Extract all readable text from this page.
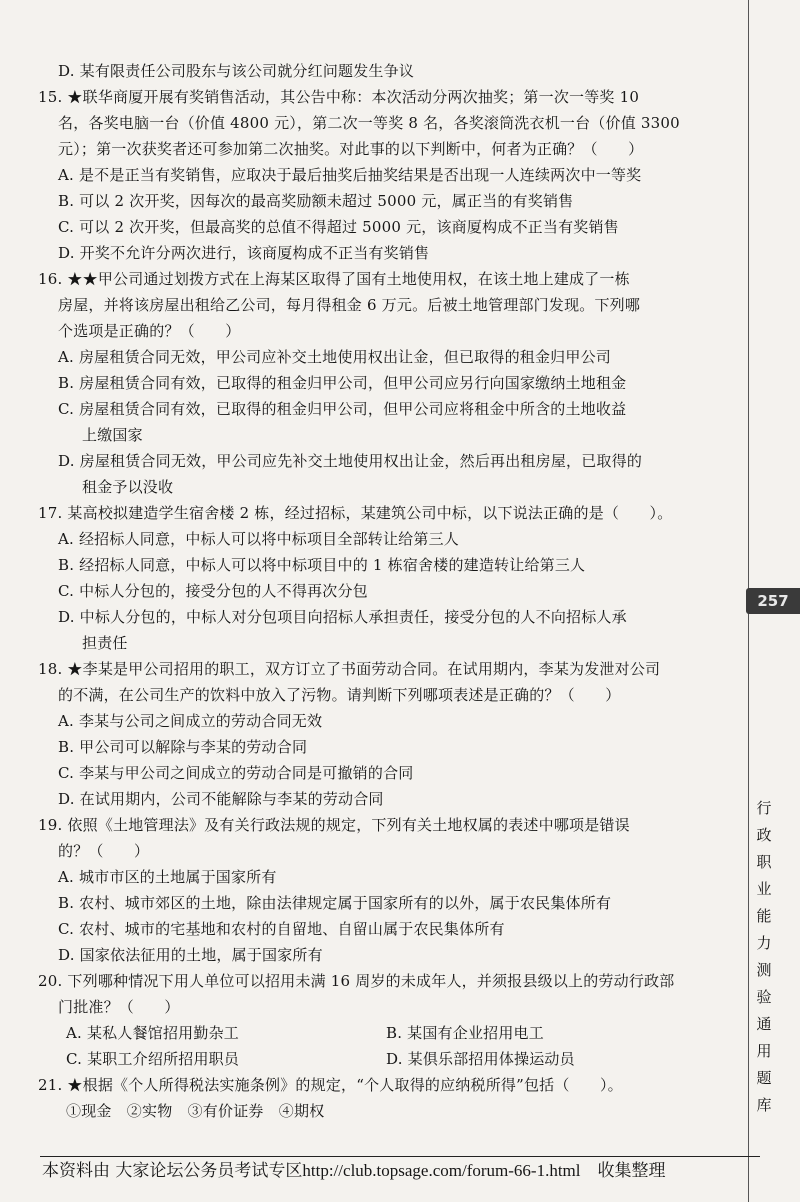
D. 某有限责任公司股东与该公司就分红问题发生争议
15. ★联华商厦开展有奖销售活动，其公告中称：本次活动分两次抽奖；第一次一等奖 10
名，各奖电脑一台（价值 4800 元），第二次一等奖 8 名，各奖滚筒洗衣机一台（价值 3300
元）；第一次获奖者还可参加第二次抽奖。对此事的以下判断中，何者为正确？（　　）
A. 是不是正当有奖销售，应取决于最后抽奖后抽奖结果是否出现一人连续两次中一等奖
B. 可以 2 次开奖，因每次的最高奖励额未超过 5000 元，属正当的有奖销售
C. 可以 2 次开奖，但最高奖的总值不得超过 5000 元，该商厦构成不正当有奖销售
D. 开奖不允许分两次进行，该商厦构成不正当有奖销售
16. ★★甲公司通过划拨方式在上海某区取得了国有土地使用权，在该土地上建成了一栋
房屋，并将该房屋出租给乙公司，每月得租金 6 万元。后被土地管理部门发现。下列哪
个选项是正确的？（　　）
A. 房屋租赁合同无效，甲公司应补交土地使用权出让金，但已取得的租金归甲公司
B. 房屋租赁合同有效，已取得的租金归甲公司，但甲公司应另行向国家缴纳土地租金
C. 房屋租赁合同有效，已取得的租金归甲公司，但甲公司应将租金中所含的土地收益
上缴国家
D. 房屋租赁合同无效，甲公司应先补交土地使用权出让金，然后再出租房屋，已取得的
租金予以没收
17. 某高校拟建造学生宿舍楼 2 栋，经过招标，某建筑公司中标，以下说法正确的是（　　）。
A. 经招标人同意，中标人可以将中标项目全部转让给第三人
B. 经招标人同意，中标人可以将中标项目中的 1 栋宿舍楼的建造转让给第三人
C. 中标人分包的，接受分包的人不得再次分包
D. 中标人分包的，中标人对分包项目向招标人承担责任，接受分包的人不向招标人承
担责任
18. ★李某是甲公司招用的职工，双方订立了书面劳动合同。在试用期内，李某为发泄对公司
的不满，在公司生产的饮料中放入了污物。请判断下列哪项表述是正确的？（　　）
A. 李某与公司之间成立的劳动合同无效
B. 甲公司可以解除与李某的劳动合同
C. 李某与甲公司之间成立的劳动合同是可撤销的合同
D. 在试用期内，公司不能解除与李某的劳动合同
19. 依照《土地管理法》及有关行政法规的规定，下列有关土地权属的表述中哪项是错误
的？（　　）
A. 城市市区的土地属于国家所有
B. 农村、城市郊区的土地，除由法律规定属于国家所有的以外，属于农民集体所有
C. 农村、城市的宅基地和农村的自留地、自留山属于农民集体所有
D. 国家依法征用的土地，属于国家所有
20. 下列哪种情况下用人单位可以招用未满 16 周岁的未成年人，并须报县级以上的劳动行政部
门批准？（　　）
A. 某私人餐馆招用勤杂工	B. 某国有企业招用电工
C. 某职工介绍所招用职员	D. 某俱乐部招用体操运动员
21. ★根据《个人所得税法实施条例》的规定，“个人取得的应纳税所得”包括（　　）。
①现金　②实物　③有价证券　④期权
257
行政职业能力测验通用题库
本资料由 大家论坛公务员考试专区http://club.topsage.com/forum-66-1.html　收集整理
